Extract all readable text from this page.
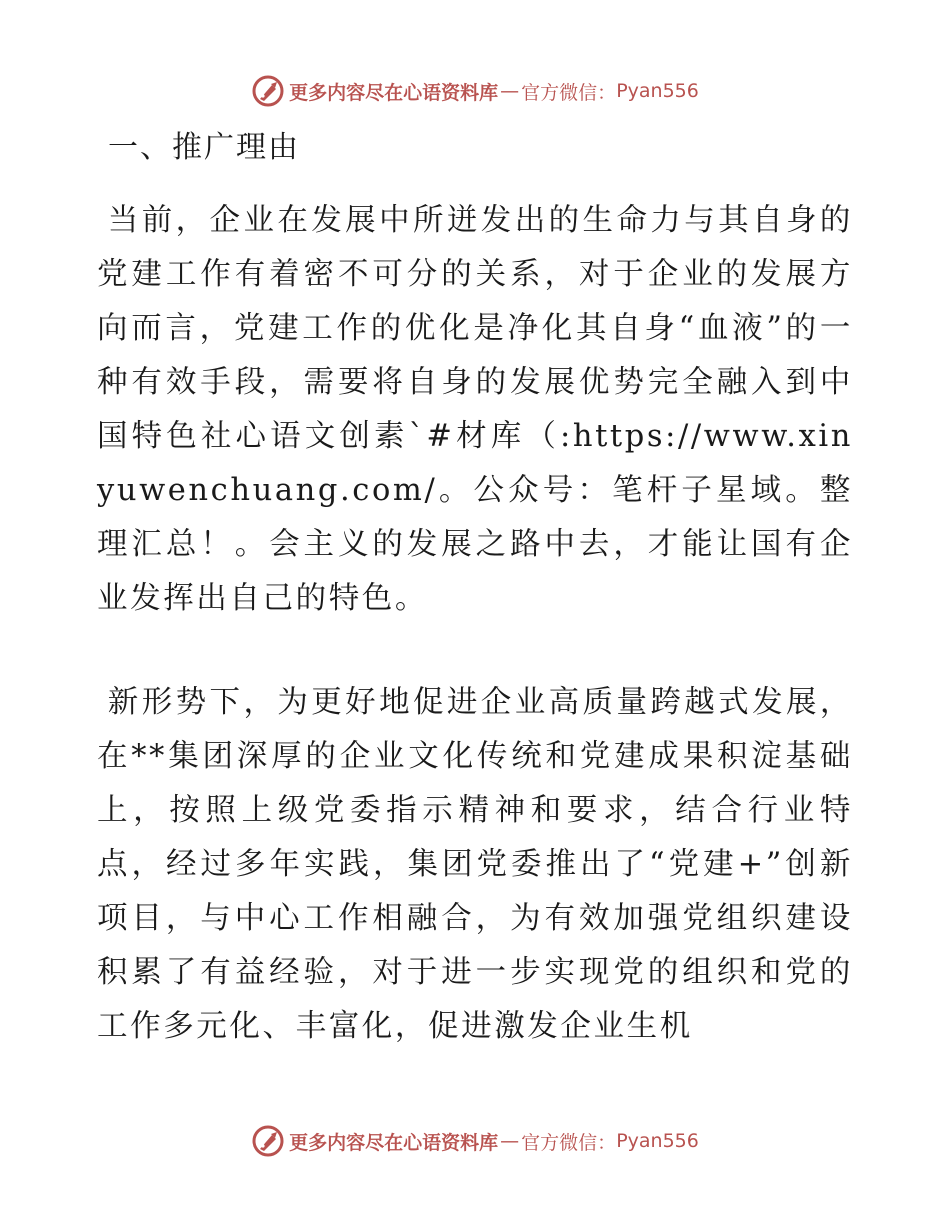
更多内容尽在心语资料库 — 官方微信： Pyan556
一、推广理由
当前，企业在发展中所迸发出的生命力与其自身的党建工作有着密不可分的关系，对于企业的发展方向而言，党建工作的优化是净化其自身“血液”的一种有效手段，需要将自身的发展优势完全融入到中国特色社心语文创素`#材库（:https://www.xinyuwenchuang.com/。公众号：笔杆子星域。整理汇总！。会主义的发展之路中去，才能让国有企业发挥出自己的特色。
新形势下，为更好地促进企业高质量跨越式发展，在**集团深厚的企业文化传统和党建成果积淀基础上，按照上级党委指示精神和要求，结合行业特点，经过多年实践，集团党委推出了“党建+”创新项目，与中心工作相融合，为有效加强党组织建设积累了有益经验，对于进一步实现党的组织和党的工作多元化、丰富化，促进激发企业生机
更多内容尽在心语资料库 — 官方微信： Pyan556
